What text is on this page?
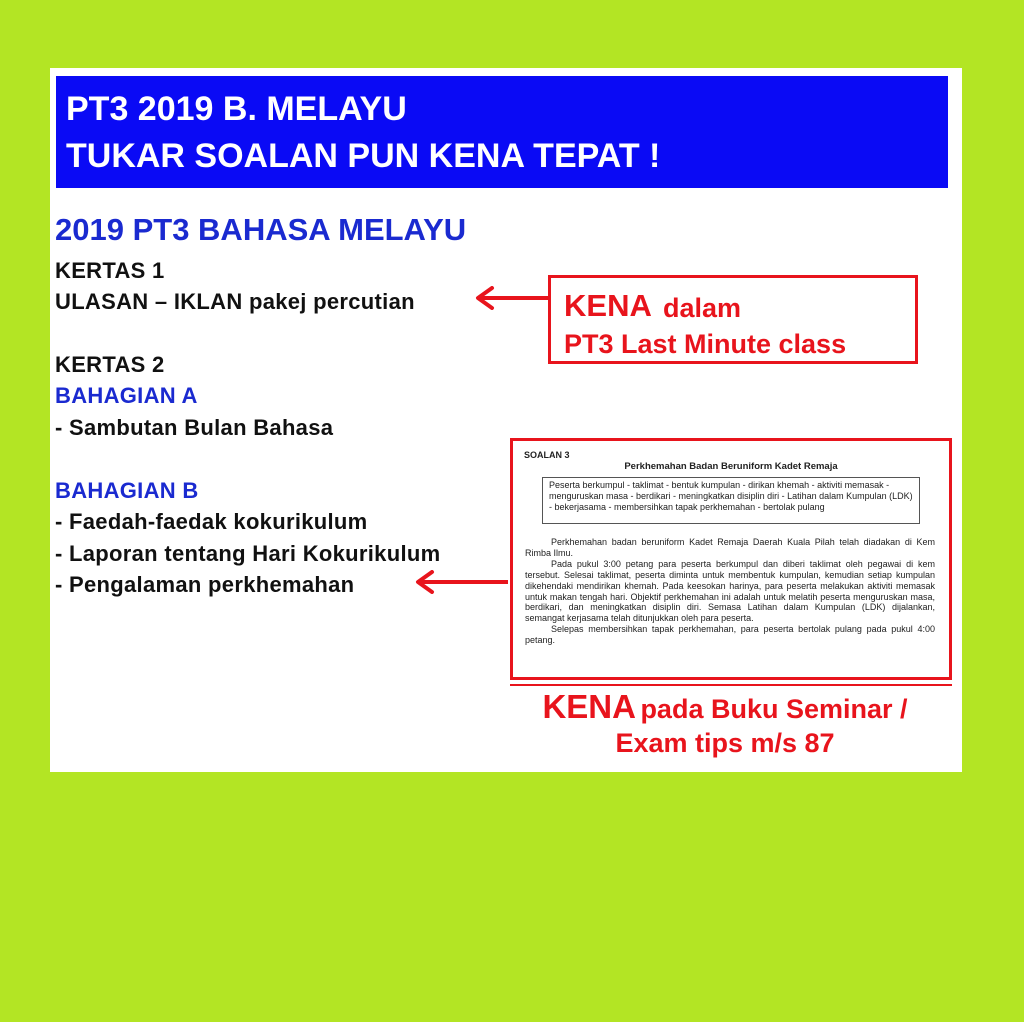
PT3 2019 B. MELAYU
TUKAR SOALAN PUN KENA TEPAT !
2019 PT3 BAHASA MELAYU
KERTAS 1
ULASAN – IKLAN pakej percutian
KERTAS 2
BAHAGIAN A
- Sambutan Bulan Bahasa
BAHAGIAN B
- Faedah-faedak kokurikulum
- Laporan tentang Hari Kokurikulum
- Pengalaman perkhemahan
KENA dalam
PT3 Last Minute class
SOALAN 3
Perkhemahan Badan Beruniform Kadet Remaja
Peserta berkumpul - taklimat - bentuk kumpulan - dirikan khemah - aktiviti memasak - menguruskan masa - berdikari - meningkatkan disiplin diri - Latihan dalam Kumpulan (LDK) - bekerjasama - membersihkan tapak perkhemahan - bertolak pulang

Perkhemahan badan beruniform Kadet Remaja Daerah Kuala Pilah telah diadakan di Kem Rimba Ilmu.

Pada pukul 3:00 petang para peserta berkumpul dan diberi taklimat oleh pegawai di kem tersebut. Selesai taklimat, peserta diminta untuk membentuk kumpulan, kemudian setiap kumpulan dikehendaki mendirikan khemah. Pada keesokan harinya, para peserta melakukan aktiviti memasak untuk makan tengah hari. Objektif perkhemahan ini adalah untuk melatih peserta menguruskan masa, berdikari, dan meningkatkan disiplin diri. Semasa Latihan dalam Kumpulan (LDK) dijalankan, semangat kerjasama telah ditunjukkan oleh para peserta.

Selepas membersihkan tapak perkhemahan, para peserta bertolak pulang pada pukul 4:00 petang.

KENA pada Buku Seminar /
Exam tips m/s 87
